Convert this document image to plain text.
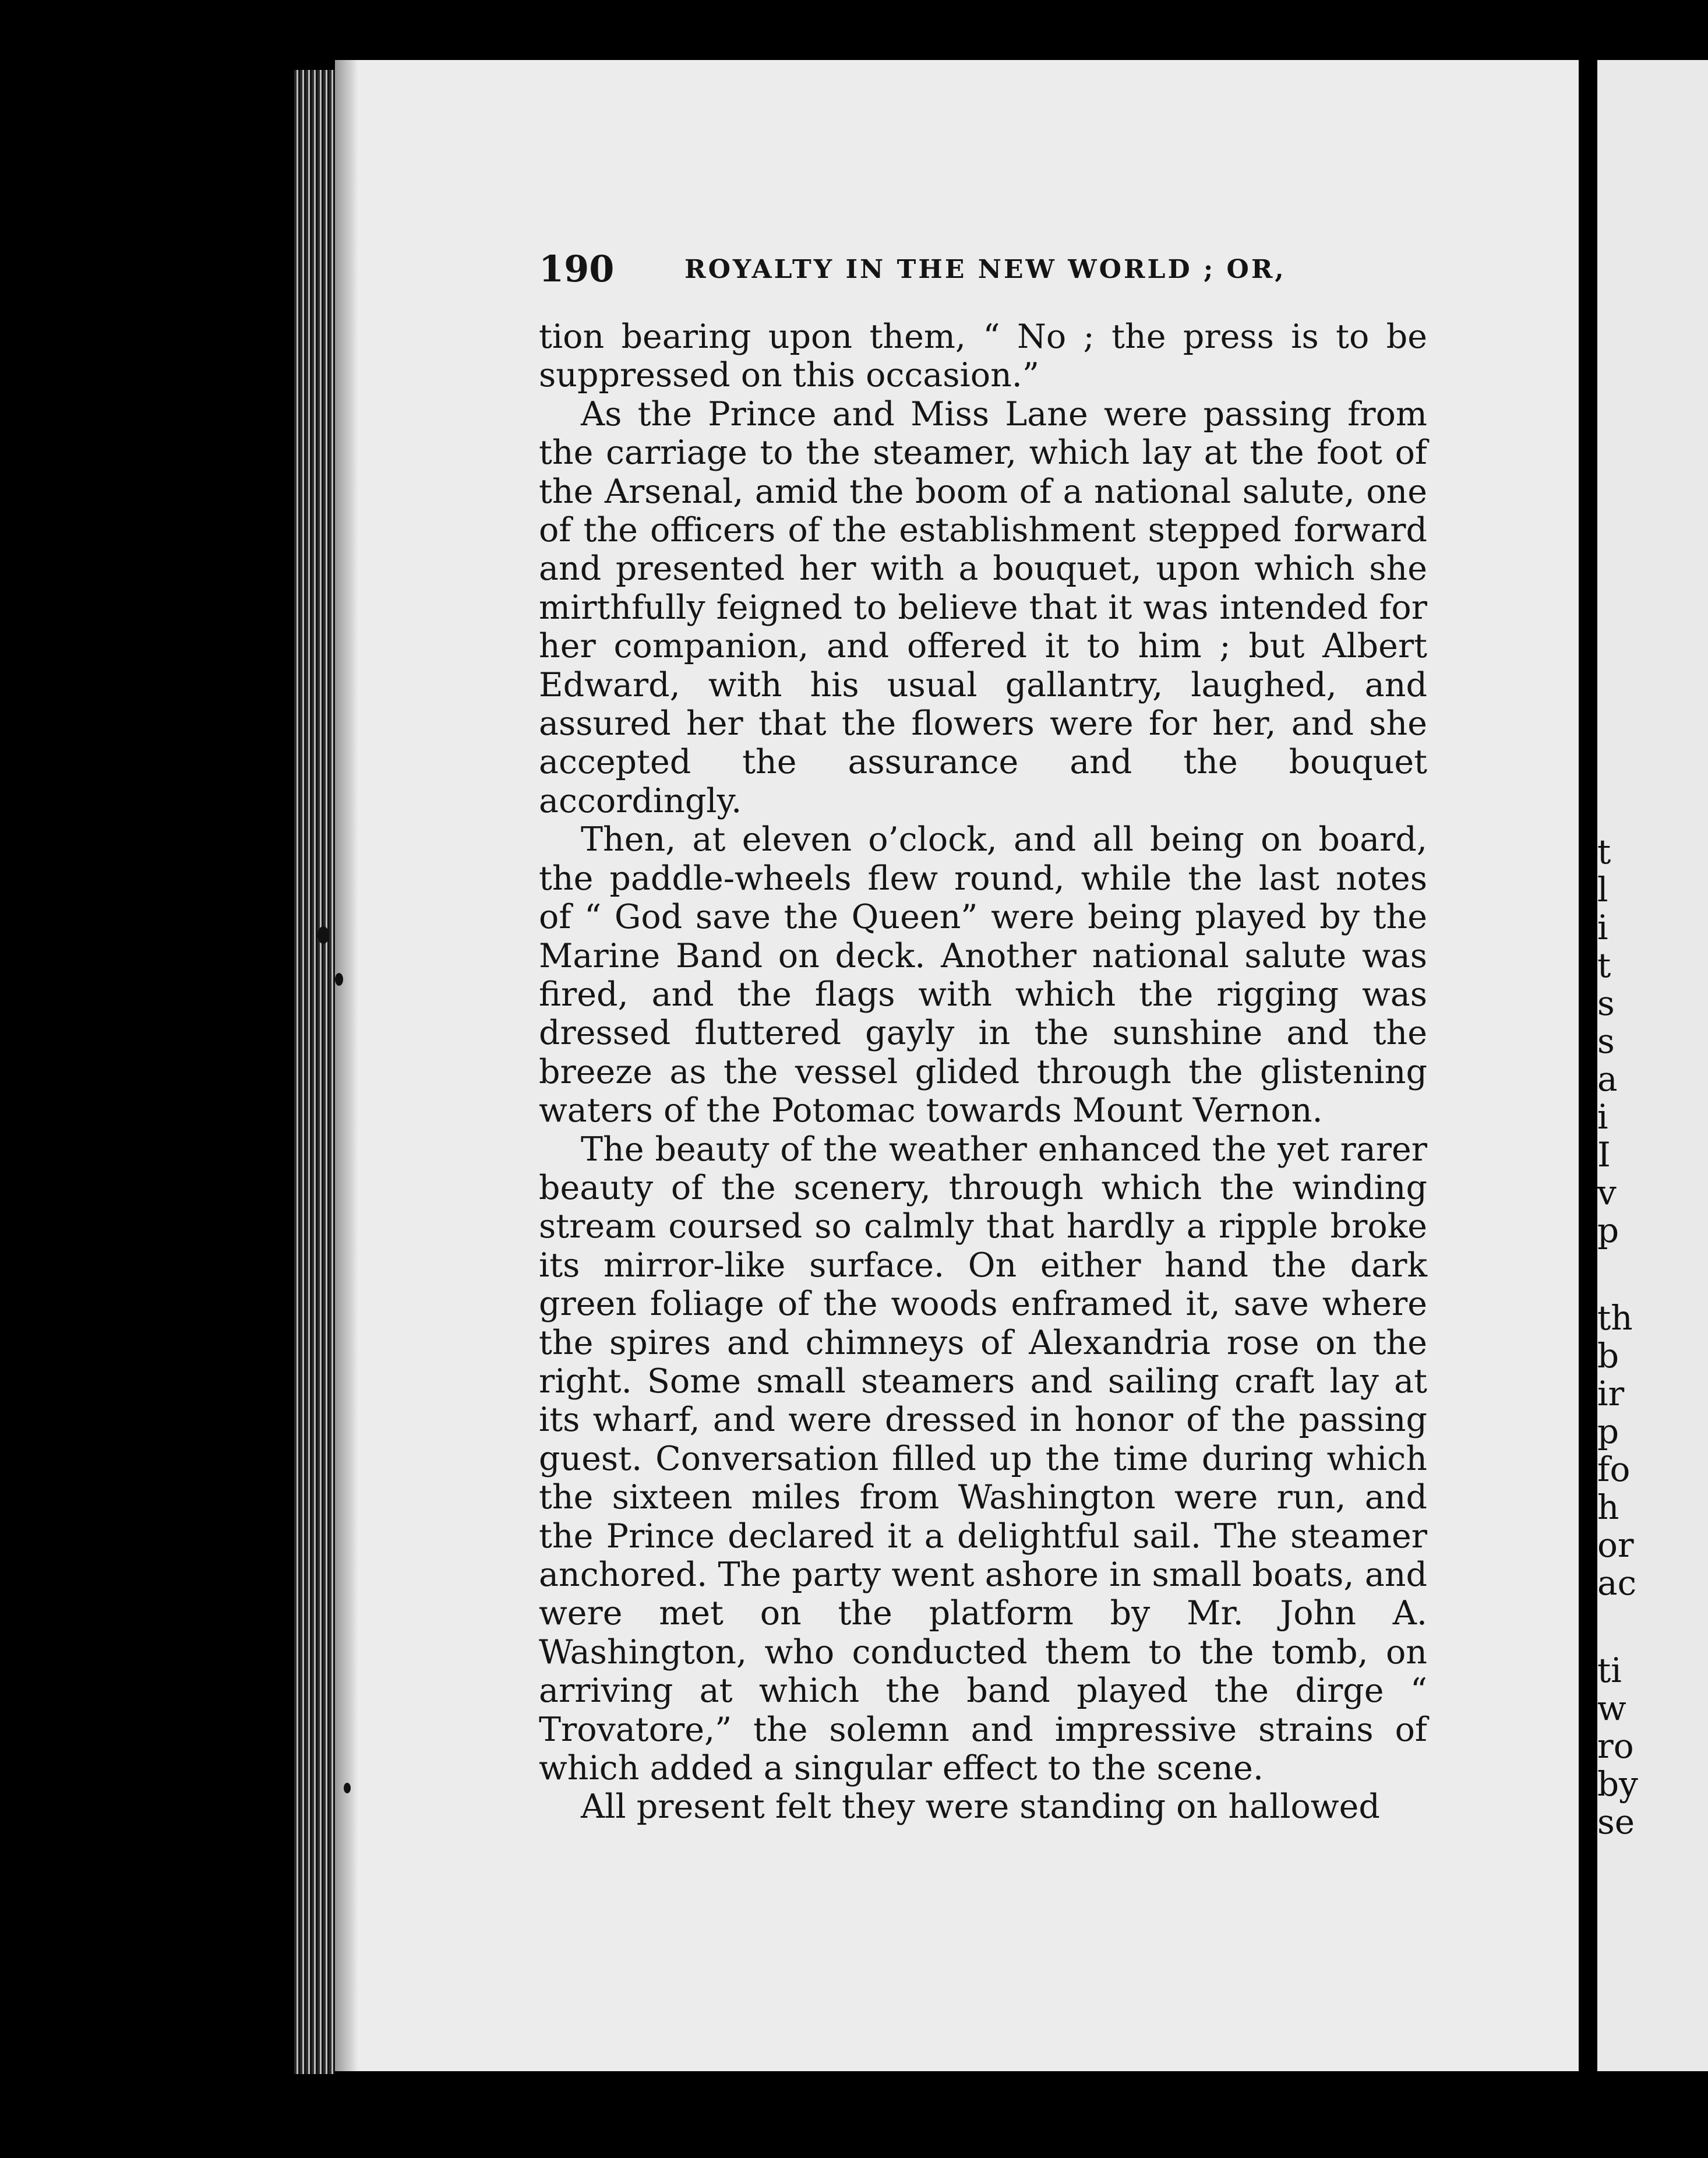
190	ROYALTY IN THE NEW WORLD ; OR,

tion bearing upon them, “ No ; the press is to be suppressed on this occasion.”

As the Prince and Miss Lane were passing from the carriage to the steamer, which lay at the foot of the Arsenal, amid the boom of a national salute, one of the officers of the establishment stepped forward and presented her with a bouquet, upon which she mirthfully feigned to believe that it was intended for her companion, and offered it to him ; but Albert Edward, with his usual gallantry, laughed, and assured her that the flowers were for her, and she accepted the assurance and the bouquet accordingly.

Then, at eleven o’clock, and all being on board, the paddle-wheels flew round, while the last notes of “ God save the Queen” were being played by the Marine Band on deck. Another national salute was fired, and the flags with which the rigging was dressed fluttered gayly in the sunshine and the breeze as the vessel glided through the glistening waters of the Potomac towards Mount Vernon.

The beauty of the weather enhanced the yet rarer beauty of the scenery, through which the winding stream coursed so calmly that hardly a ripple broke its mirror-like surface. On either hand the dark green foliage of the woods enframed it, save where the spires and chimneys of Alexandria rose on the right. Some small steamers and sailing craft lay at its wharf, and were dressed in honor of the passing guest. Conversation filled up the time during which the sixteen miles from Washington were run, and the Prince declared it a delightful sail. The steamer anchored. The party went ashore in small boats, and were met on the platform by Mr. John A. Washington, who conducted them to the tomb, on arriving at which the band played the dirge “ Trovatore,” the solemn and impressive strains of which added a singular effect to the scene.

All present felt they were standing on hallowed

t
l
i
t
s
s
a
i
I
v
p
th
b
ir
p
fo
h
or
ac
ti
w
ro
by
se
